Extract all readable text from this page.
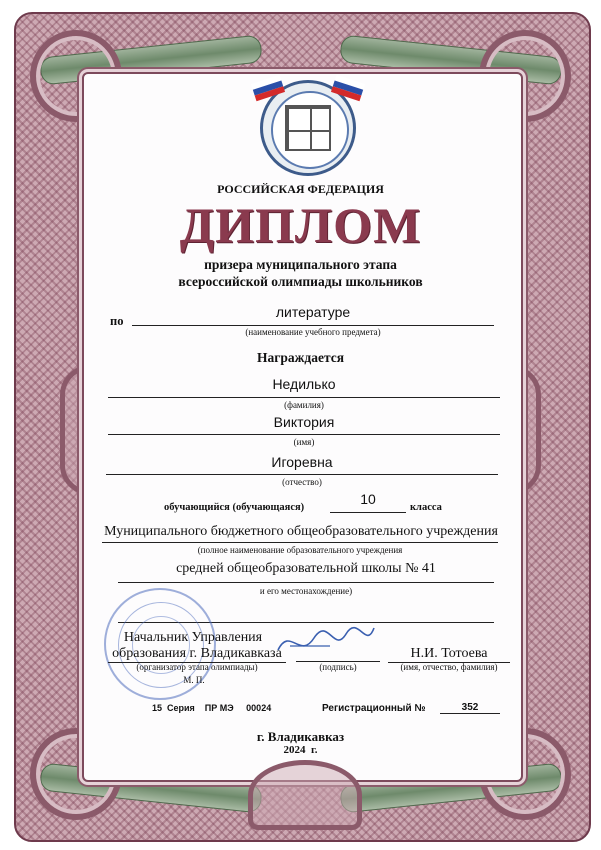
РОССИЙСКАЯ ФЕДЕРАЦИЯ
ДИПЛОМ
призера муниципального этапа
всероссийской олимпиады школьников
по
литературе
(наименование учебного предмета)
Награждается
Недилько
(фамилия)
Виктория
(имя)
Игоревна
(отчество)
обучающийся (обучающаяся)
10
класса
Муниципального бюджетного общеобразовательного учреждения
(полное наименование образовательного учреждения
средней общеобразовательной школы № 41
и его местонахождение)
Начальник Управления
образования г. Владикавказа
(организатор этапа олимпиады)
М. П.
(подпись)
Н.И. Тотоева
(имя, отчество, фамилия)
15  Серия    ПР МЭ     00024	Регистрационный №	352
г. Владикавказ
2024  г.
